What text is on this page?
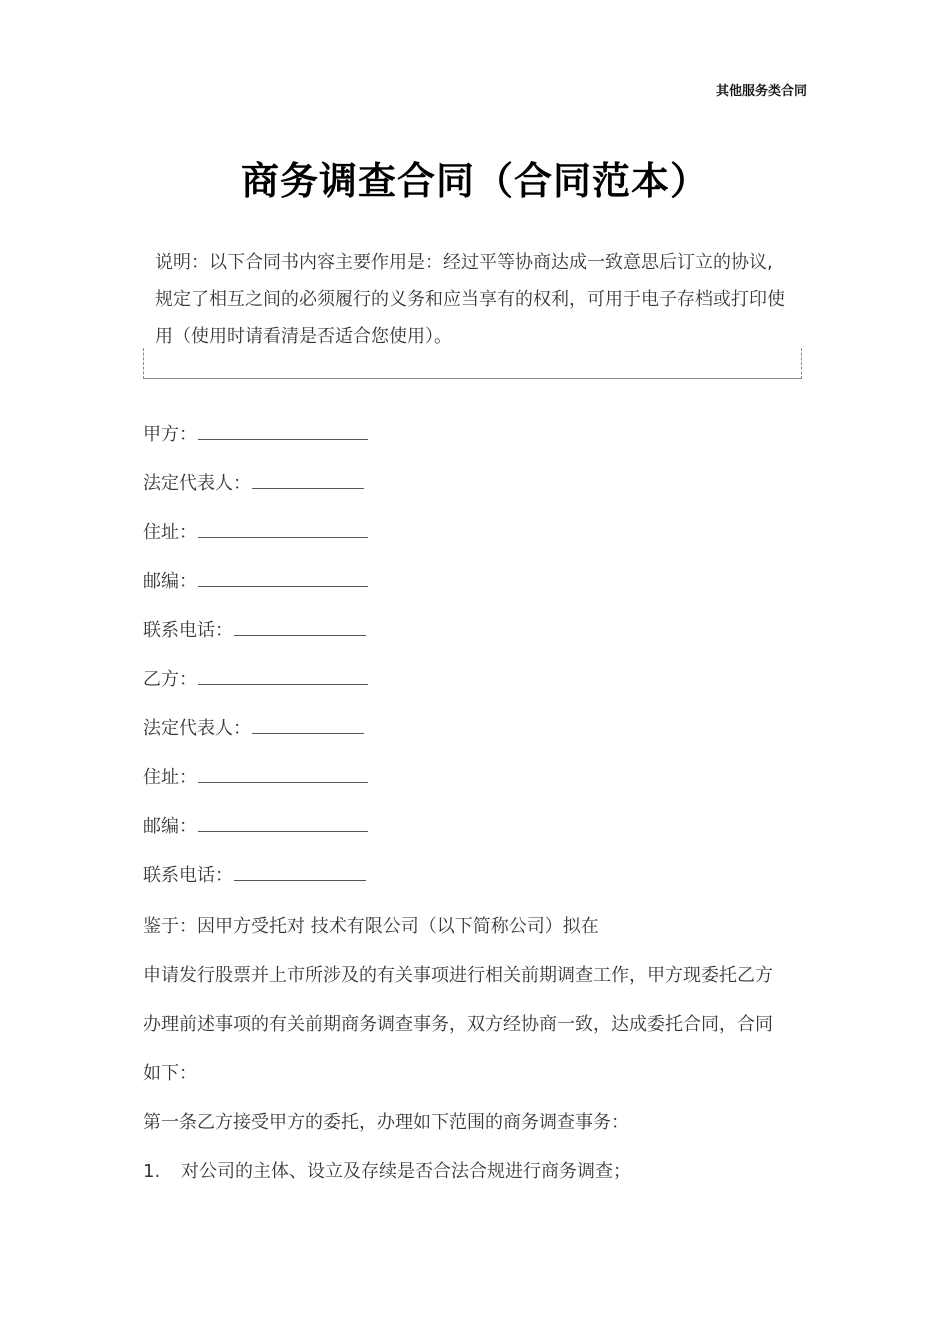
其他服务类合同
商务调查合同（合同范本）

说明：以下合同书内容主要作用是：经过平等协商达成一致意思后订立的协议,规定了相互之间的必须履行的义务和应当享有的权利，可用于电子存档或打印使用（使用时请看清是否适合您使用）。

甲方：
法定代表人：
住址：
邮编：
联系电话：
乙方：
法定代表人：
住址：
邮编：
联系电话：

鉴于：因甲方受托对 技术有限公司（以下简称公司）拟在

申请发行股票并上市所涉及的有关事项进行相关前期调查工作，甲方现委托乙方

办理前述事项的有关前期商务调查事务，双方经协商一致，达成委托合同，合同

如下：

第一条乙方接受甲方的委托，办理如下范围的商务调查事务：

1. 对公司的主体、设立及存续是否合法合规进行商务调查；
